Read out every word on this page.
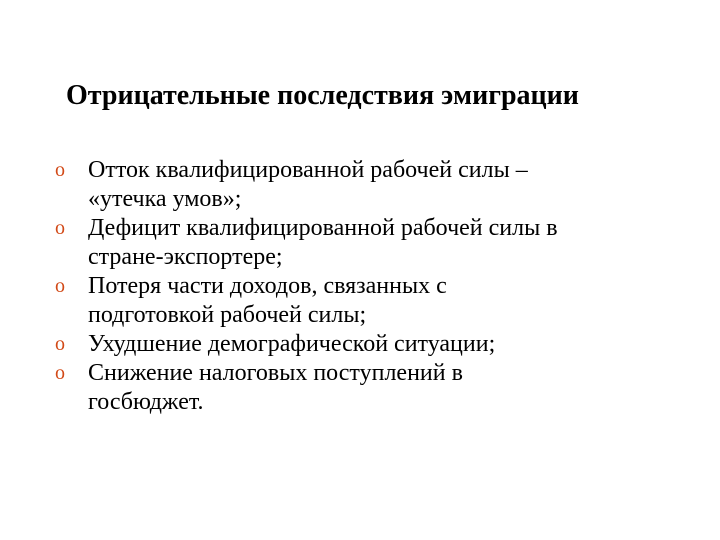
Отрицательные последствия эмиграции
o Отток квалифицированной рабочей силы –
«утечка умов»;
o Дефицит квалифицированной рабочей силы в
стране-экспортере;
o Потеря части доходов, связанных с
подготовкой рабочей силы;
o Ухудшение демографической ситуации;
o Снижение налоговых поступлений в
госбюджет.
